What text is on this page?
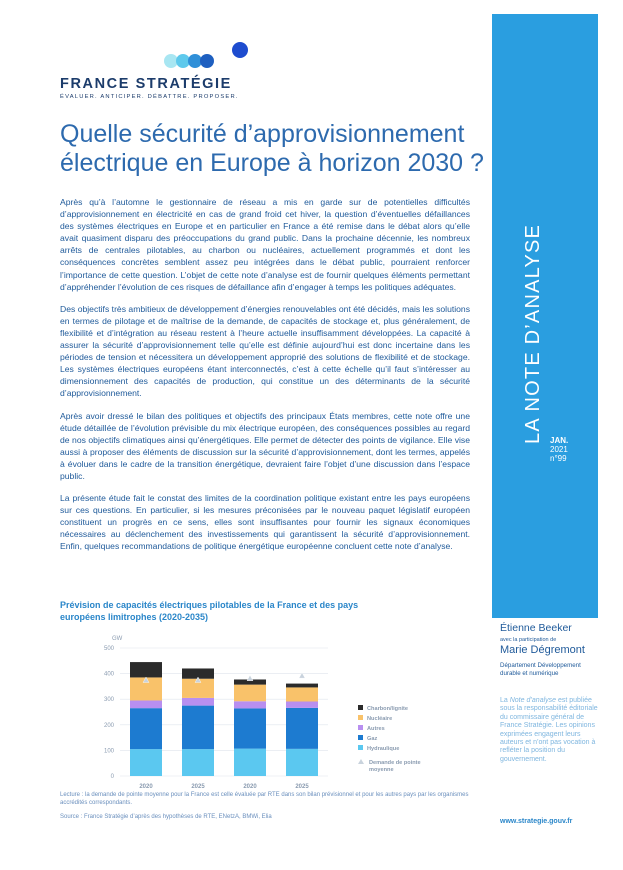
FRANCE STRATÉGIE
ÉVALUER. ANTICIPER. DÉBATTRE. PROPOSER.
Quelle sécurité d’approvisionnement électrique en Europe à horizon 2030 ?

Après qu’à l’automne le gestionnaire de réseau a mis en garde sur de potentielles difficultés d’approvisionnement en électricité en cas de grand froid cet hiver, la question d’éventuelles défaillances des systèmes électriques en Europe et en particulier en France a été remise dans le débat alors qu’elle avait quasiment disparu des préoccupations du grand public. Dans la prochaine décennie, les nombreux arrêts de centrales pilotables, au charbon ou nucléaires, actuellement programmés et dont les conséquences concrètes semblent assez peu intégrées dans le débat public, pourraient renforcer l’importance de cette question. L’objet de cette note d’analyse est de fournir quelques éléments permettant d’appréhender l’évolution de ces risques de défaillance afin d’engager à temps les politiques adéquates.

Des objectifs très ambitieux de développement d’énergies renouvelables ont été décidés, mais les solutions en termes de pilotage et de maîtrise de la demande, de capacités de stockage et, plus généralement, de flexibilité et d’intégration au réseau restent à l’heure actuelle insuffisamment développées. La capacité à assurer la sécurité d’approvisionnement telle qu’elle est définie aujourd’hui est donc incertaine dans les périodes de tension et nécessitera un développement approprié des solutions de flexibilité et de stockage. Les systèmes électriques européens étant interconnectés, c’est à cette échelle qu’il faut s’intéresser au dimensionnement des capacités de production, qui constitue un des déterminants de la sécurité d’approvisionnement.

Après avoir dressé le bilan des politiques et objectifs des principaux États membres, cette note offre une étude détaillée de l’évolution prévisible du mix électrique européen, des conséquences possibles au regard de nos objectifs climatiques ainsi qu’énergétiques. Elle permet de détecter des points de vigilance. Elle vise aussi à proposer des éléments de discussion sur la sécurité d’approvisionnement, dont les termes, appelés à évoluer dans le cadre de la transition énergétique, devraient faire l’objet d’une discussion dans l’espace public.

La présente étude fait le constat des limites de la coordination politique existant entre les pays européens sur ces questions. En particulier, si les mesures préconisées par le nouveau paquet législatif européen constituent un progrès en ce sens, elles sont insuffisantes pour fournir les signaux économiques nécessaires au déclenchement des investissements qui garantissent la sécurité d’approvisionnement. Enfin, quelques recommandations de politique énergétique européenne concluent cette note d’analyse.

Prévision de capacités électriques pilotables de la France et des pays européens limitrophes (2020-2035)
GW
0
100
200
300
400
500
2020	2025	2020	2025
Charbon/lignite
Nucléaire
Autres
Gaz
Hydraulique
Demande de pointe moyenne

Lecture : la demande de pointe moyenne pour la France est celle évaluée par RTE dans son bilan prévisionnel et pour les autres pays par les organismes accrédités correspondants.

Source : France Stratégie d’après des hypothèses de RTE, ENetzA, BMWi, Elia
LA NOTE D’ANALYSE JAN.
2021
n°99
Étienne Beeker
avec la participation de
Marie Dégremont
Département Développement durable et numérique
La Note d’analyse est publiée sous la responsabilité éditoriale du commissaire général de France Stratégie. Les opinions exprimées engagent leurs auteurs et n’ont pas vocation à refléter la position du gouvernement.
www.strategie.gouv.fr
